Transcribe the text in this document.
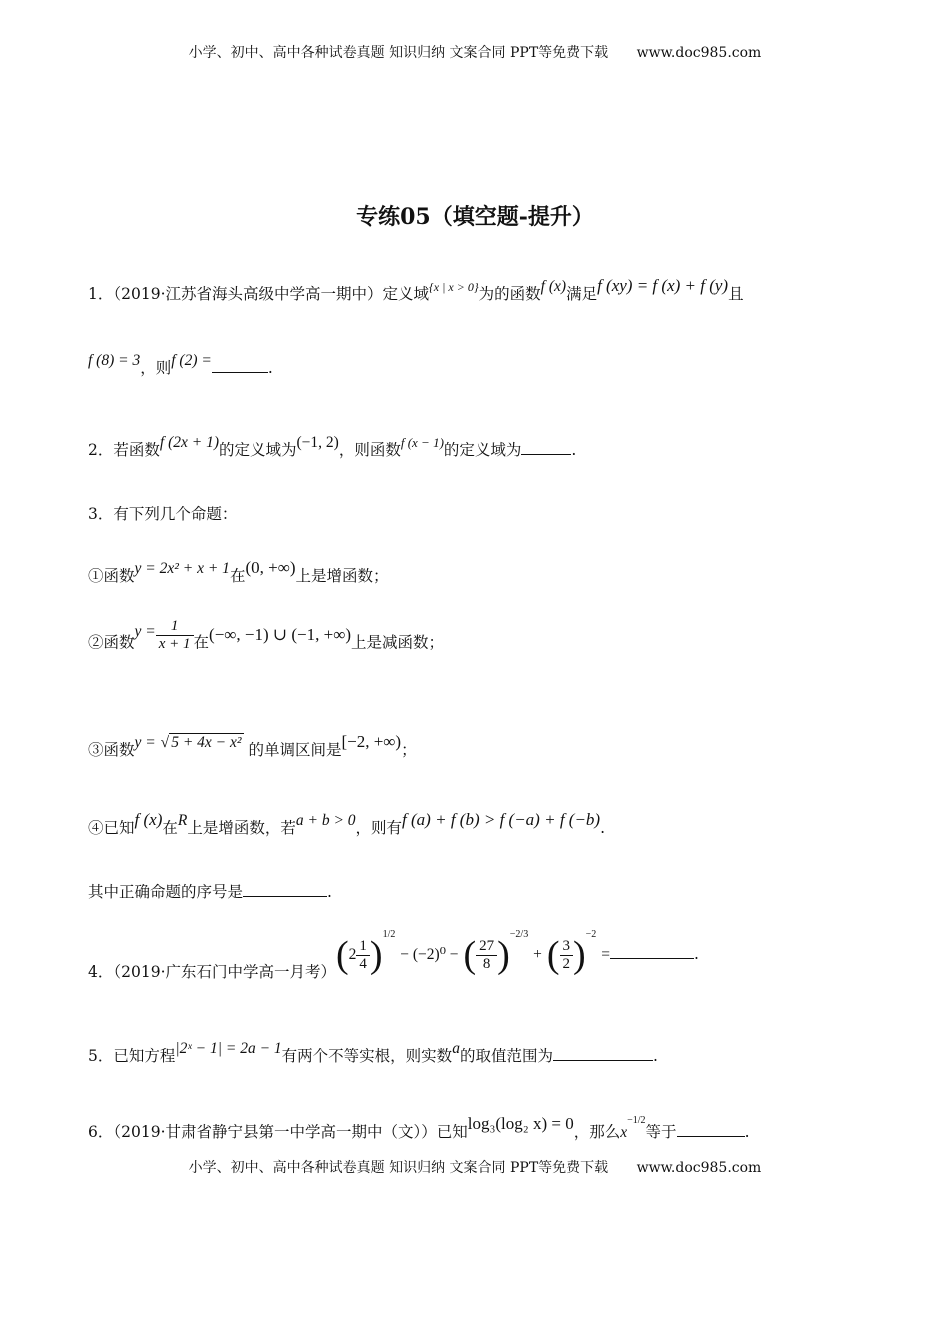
小学、初中、高中各种试卷真题 知识归纳 文案合同 PPT等免费下载 www.doc985.com
专练05（填空题-提升）
1．（2019·江苏省海头高级中学高一期中）定义域$^{\{x | x > 0\}}$为的函数f (x)满足f (xy) = f (x) + f (y)且
f (8) = 3，则f (2) =	.
2．若函数f (2x + 1)的定义域为(−1, 2)，则函数$^{f (x - 1)}$的定义域为	.
3．有下列几个命题：
①函数y = 2x² + x + 1在(0, +∞)上是增函数；
②函数$y = \frac{1}{x + 1}$ 在(−∞, −1) ∪ (−1, +∞)上是减函数；
③函数y = √ 5 + 4x − x² 的单调区间是[−2, +∞)；
④已知f (x)在R上是增函数，若a + b > 0，则有f (a) + f (b) > f (−a) + f (−b).
其中正确命题的序号是	.
4．（2019·广东石门中学高一月考）$(2 \frac{1}{4} )^{1/2} - (-2)^0$ − ( $\frac{27}{8} )^{-2/3}$ + ( $\frac{3}{2} )^{-2}$ =	.
5．已知方程|2ˣ − 1| = 2a − 1有两个不等实根，则实数a的取值范围为	.
6．（2019·甘肃省静宁县第一中学高一期中（文））已知log₃(log₂ x) = 0，那么$x^{-1/2}$等于	.
小学、初中、高中各种试卷真题 知识归纳 文案合同 PPT等免费下载 www.doc985.com
